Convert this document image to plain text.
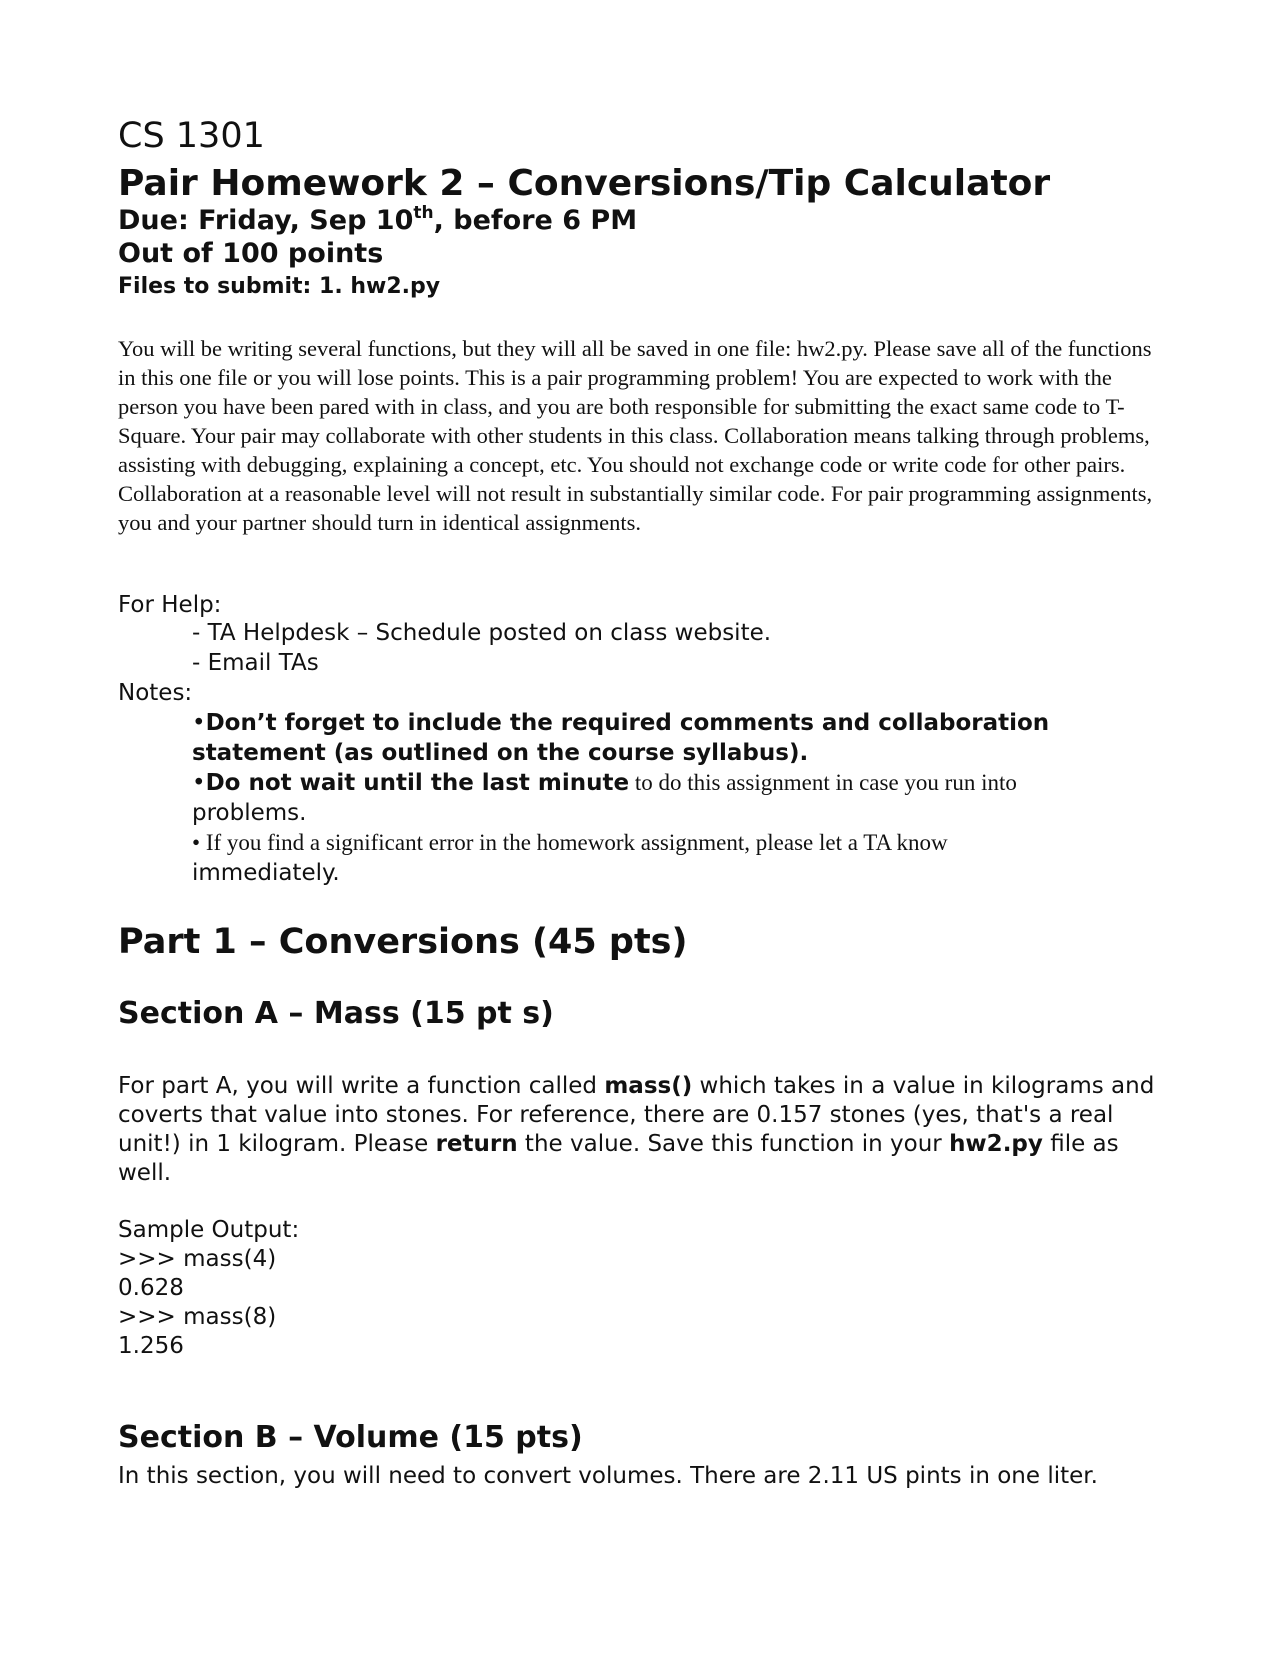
CS 1301

Pair Homework 2 – Conversions/Tip Calculator

Due: Friday, Sep 10th, before 6 PM

Out of 100 points

Files to submit: 1. hw2.py

You will be writing several functions, but they will all be saved in one file: hw2.py. Please save all of the functions in this one file or you will lose points. This is a pair programming problem! You are expected to work with the person you have been pared with in class, and you are both responsible for submitting the exact same code to T-Square. Your pair may collaborate with other students in this class. Collaboration means talking through problems, assisting with debugging, explaining a concept, etc. You should not exchange code or write code for other pairs. Collaboration at a reasonable level will not result in substantially similar code. For pair programming assignments, you and your partner should turn in identical assignments.

For Help:

- TA Helpdesk – Schedule posted on class website.

- Email TAs

Notes:

•Don’t forget to include the required comments and collaboration statement (as outlined on the course syllabus).

•Do not wait until the last minute to do this assignment in case you run into
problems.

• If you find a significant error in the homework assignment, please let a TA know
immediately.

Part 1 – Conversions (45 pts)

Section A – Mass (15 pt s)

For part A, you will write a function called mass() which takes in a value in kilograms and coverts that value into stones. For reference, there are 0.157 stones (yes, that's a real unit!) in 1 kilogram. Please return the value. Save this function in your hw2.py file as well.

Sample Output:

>>> mass(4)

0.628

>>> mass(8)

1.256

Section B – Volume (15 pts)

In this section, you will need to convert volumes. There are 2.11 US pints in one liter.
